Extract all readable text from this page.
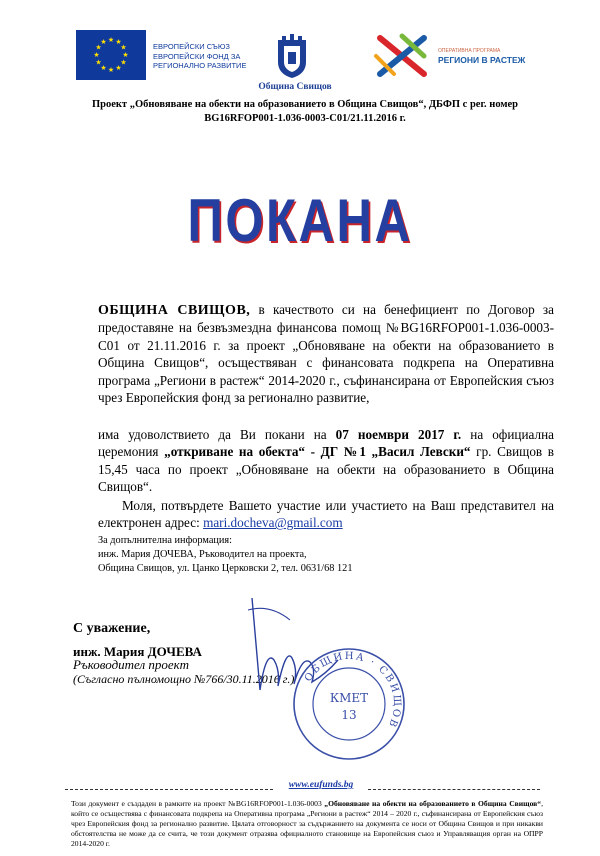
★ ★
★
★
★
★
★
★
★
★
★
★	ЕВРОПЕЙСКИ СЪЮЗ
ЕВРОПЕЙСКИ ФОНД ЗА
РЕГИОНАЛНО РАЗВИТИЕ
Община Свищов
ОПЕРАТИВНА ПРОГРАМА
РЕГИОНИ В РАСТЕЖ
Проект „Обновяване на обекти на образованието в Община Свищов“, ДБФП с рег. номер
BG16RFOP001-1.036-0003-C01/21.11.2016 г.
ПОКАНА
ОБЩИНА СВИЩОВ, в качеството си на бенефициент по Договор за предоставяне на безвъзмездна финансова помощ №BG16RFOP001-1.036-0003-C01 от 21.11.2016 г. за проект „Обновяване на обекти на образованието в Община Свищов“, осъществяван с финансовата подкрепа на Оперативна програма „Региони в растеж“ 2014-2020 г., съфинансирана от Европейския съюз чрез Европейския фонд за регионално развитие,
има удоволствието да Ви покани на 07 ноември 2017 г. на официална церемония „откриване на обекта“ - ДГ №1 „Васил Левски“ гр. Свищов в 15,45 часа по проект „Обновяване на обекти на образованието в Община Свищов“.
Моля, потвърдете Вашето участие или участието на Ваш представител на електронен адрес: mari.docheva@gmail.com
За допълнителна информация:
инж. Мария ДОЧЕВА, Ръководител на проекта,
Община Свищов, ул. Цанко Церковски 2, тел. 0631/68 121
С уважение,
инж. Мария ДОЧЕВА
Ръководител проект
(Съгласно пълномощно №766/30.11.2016 г.) ОБЩИНА · СВИЩОВ
КМЕТ
13
www.eufunds.bg
Този документ е създаден в рамките на проект №BG16RFOP001-1.036-0003 „Обновяване на обекти на образованието в Община Свищов“, който се осъществява с финансовата подкрепа на Оперативна програма „Региони в растеж“ 2014 – 2020 г., съфинансирана от Европейския съюз чрез Европейския фонд за регионално развитие. Цялата отговорност за съдържанието на документа се носи от Община Свищов и при никакви обстоятелства не може да се счита, че този документ отразява официалното становище на Европейския съюз и Управляващия орган на ОПРР 2014-2020 г.
